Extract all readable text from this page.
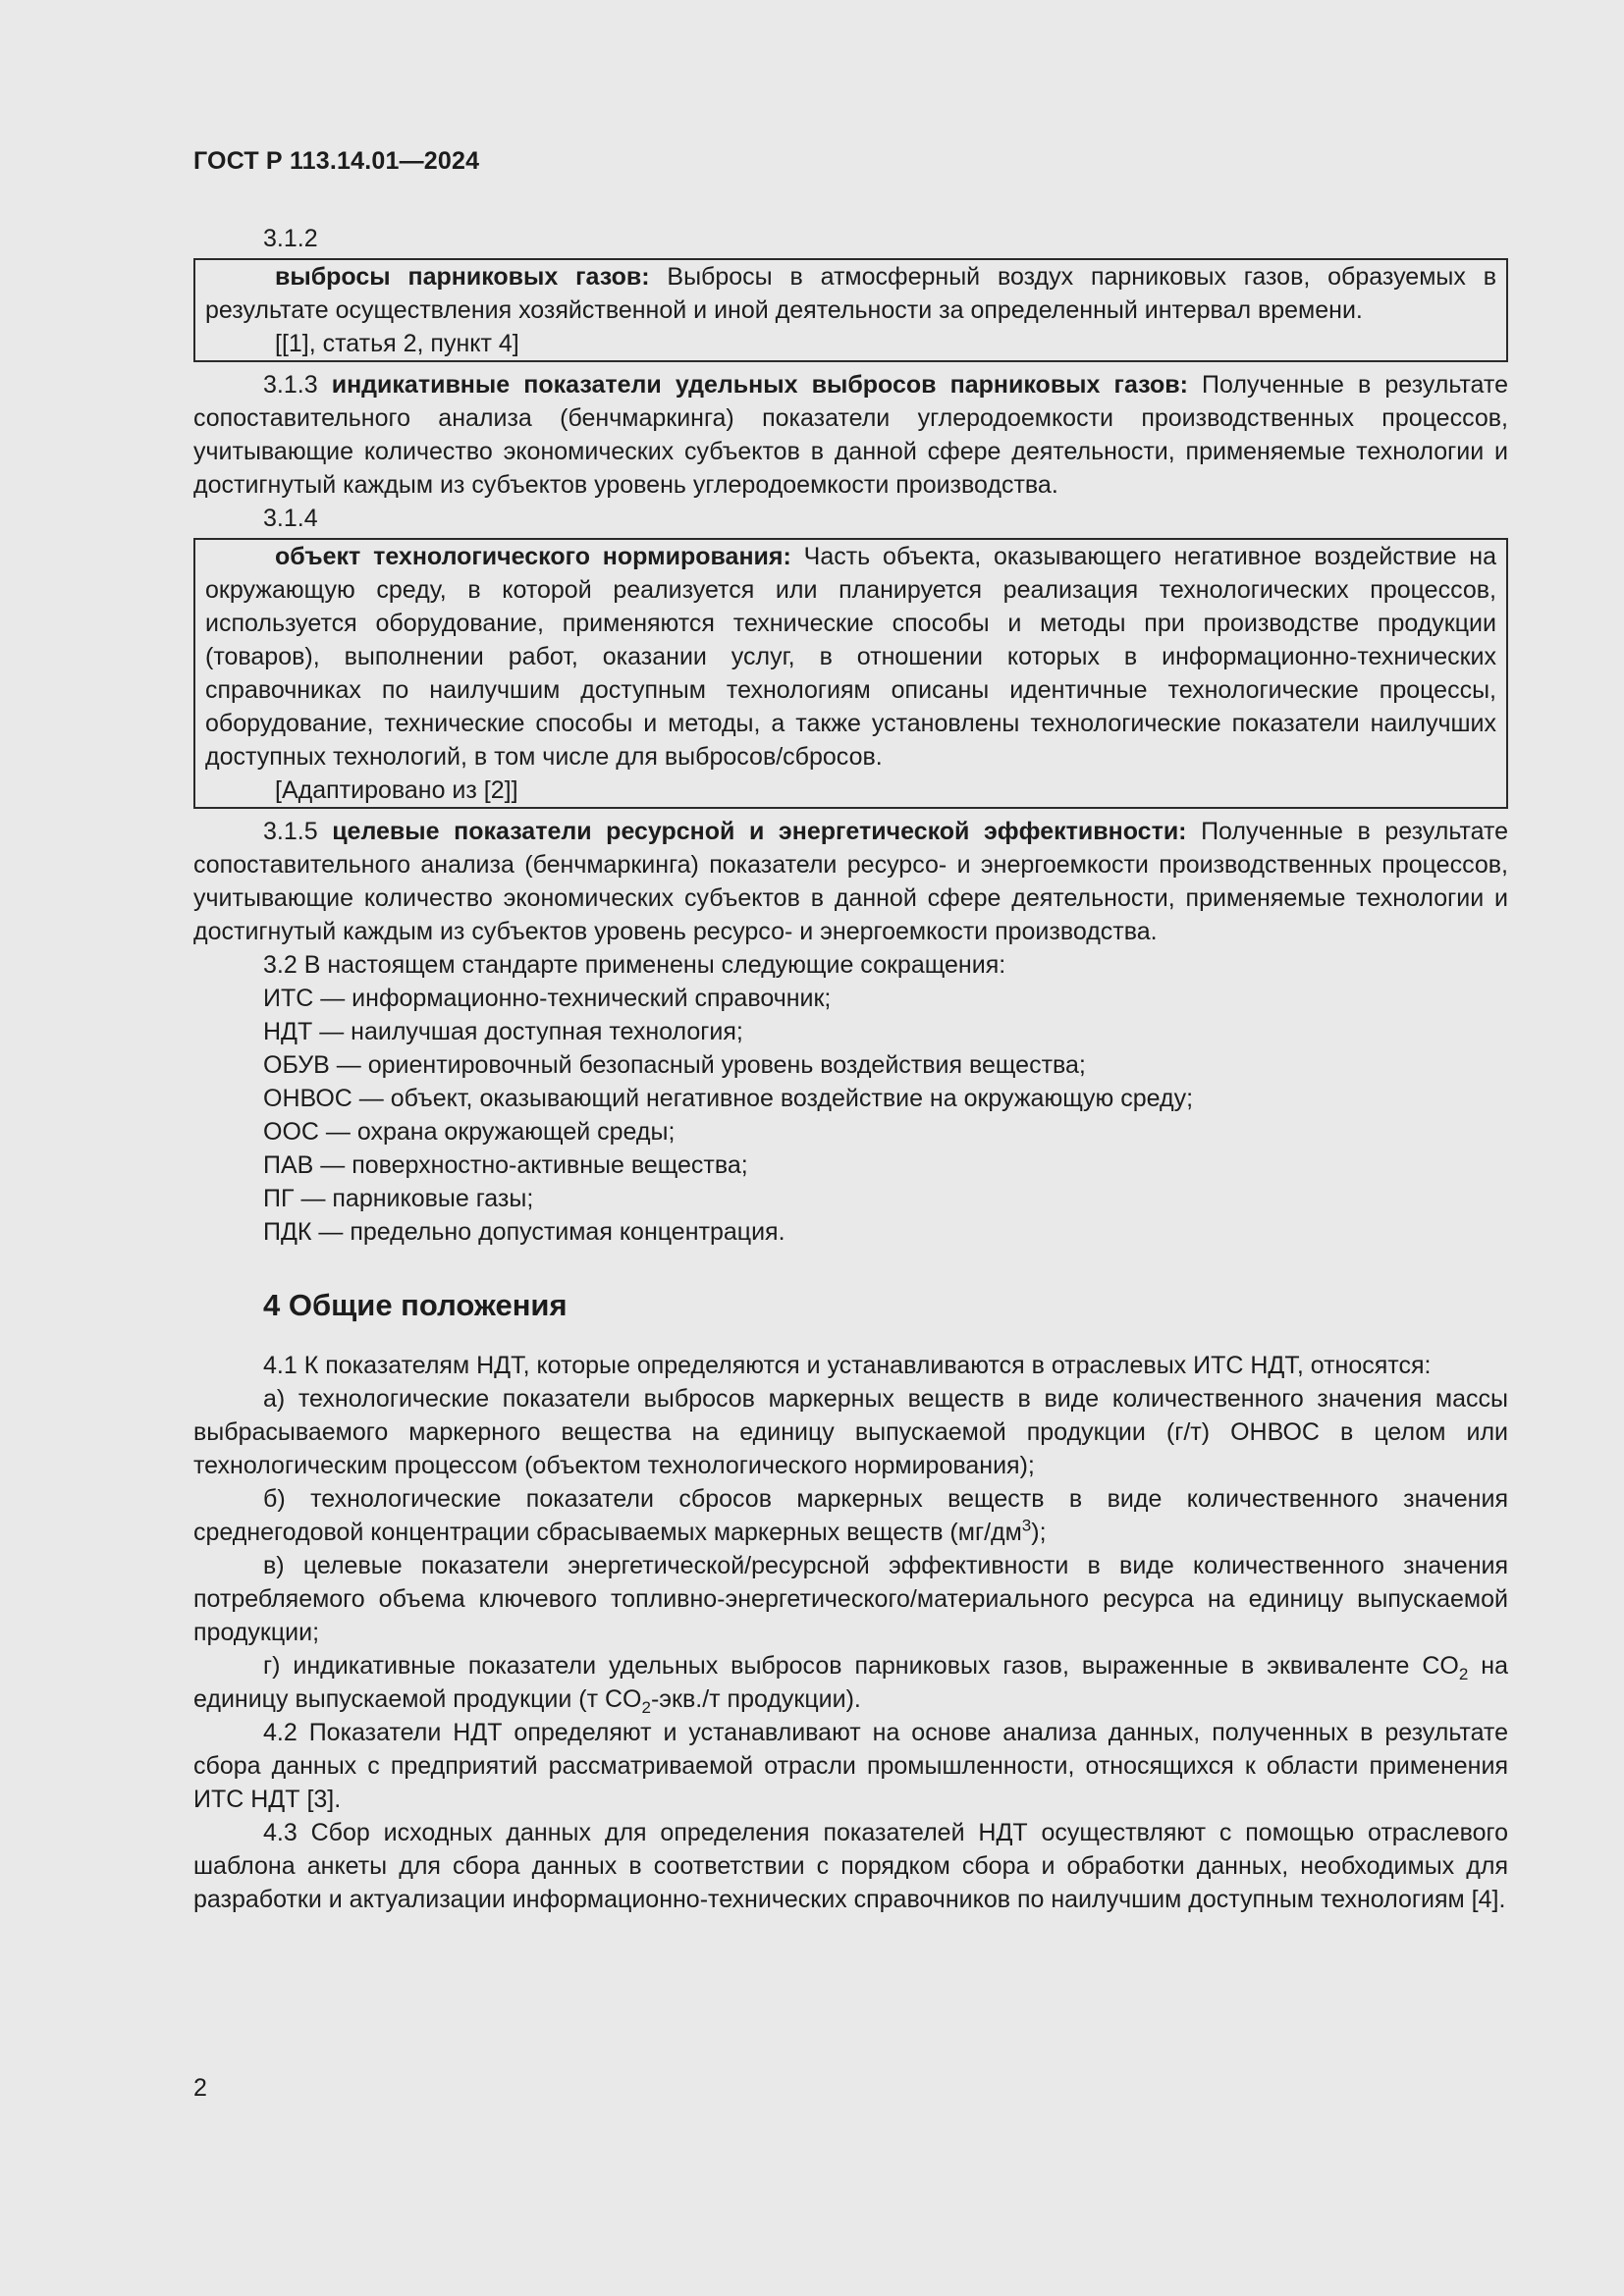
ГОСТ Р 113.14.01—2024

3.1.2

выбросы парниковых газов: Выбросы в атмосферный воздух парниковых газов, образуемых в результате осуществления хозяйственной и иной деятельности за определенный интервал времени.

[[1], статья 2, пункт 4]

3.1.3 индикативные показатели удельных выбросов парниковых газов: Полученные в результате сопоставительного анализа (бенчмаркинга) показатели углеродоемкости производственных процессов, учитывающие количество экономических субъектов в данной сфере деятельности, применяемые технологии и достигнутый каждым из субъектов уровень углеродоемкости производства.

3.1.4

объект технологического нормирования: Часть объекта, оказывающего негативное воздействие на окружающую среду, в которой реализуется или планируется реализация технологических процессов, используется оборудование, применяются технические способы и методы при производстве продукции (товаров), выполнении работ, оказании услуг, в отношении которых в информационно-технических справочниках по наилучшим доступным технологиям описаны идентичные технологические процессы, оборудование, технические способы и методы, а также установлены технологические показатели наилучших доступных технологий, в том числе для выбросов/сбросов.

[Адаптировано из [2]]

3.1.5 целевые показатели ресурсной и энергетической эффективности: Полученные в результате сопоставительного анализа (бенчмаркинга) показатели ресурсо- и энергоемкости производственных процессов, учитывающие количество экономических субъектов в данной сфере деятельности, применяемые технологии и достигнутый каждым из субъектов уровень ресурсо- и энергоемкости производства.

3.2 В настоящем стандарте применены следующие сокращения:

ИТС — информационно-технический справочник;

НДТ — наилучшая доступная технология;

ОБУВ — ориентировочный безопасный уровень воздействия вещества;

ОНВОС — объект, оказывающий негативное воздействие на окружающую среду;

ООС — охрана окружающей среды;

ПАВ — поверхностно-активные вещества;

ПГ — парниковые газы;

ПДК — предельно допустимая концентрация.

4 Общие положения

4.1 К показателям НДТ, которые определяются и устанавливаются в отраслевых ИТС НДТ, относятся:

а) технологические показатели выбросов маркерных веществ в виде количественного значения массы выбрасываемого маркерного вещества на единицу выпускаемой продукции (г/т) ОНВОС в целом или технологическим процессом (объектом технологического нормирования);

б) технологические показатели сбросов маркерных веществ в виде количественного значения среднегодовой концентрации сбрасываемых маркерных веществ $(мг/дм^3)$;

в) целевые показатели энергетической/ресурсной эффективности в виде количественного значения потребляемого объема ключевого топливно-энергетического/материального ресурса на единицу выпускаемой продукции;

г) индикативные показатели удельных выбросов парниковых газов, выраженные в эквиваленте $CO_2$ на единицу выпускаемой продукции (т $CO_2-экв./т$ продукции).

4.2 Показатели НДТ определяют и устанавливают на основе анализа данных, полученных в результате сбора данных с предприятий рассматриваемой отрасли промышленности, относящихся к области применения ИТС НДТ [3].

4.3 Сбор исходных данных для определения показателей НДТ осуществляют с помощью отраслевого шаблона анкеты для сбора данных в соответствии с порядком сбора и обработки данных, необходимых для разработки и актуализации информационно-технических справочников по наилучшим доступным технологиям [4].

2
